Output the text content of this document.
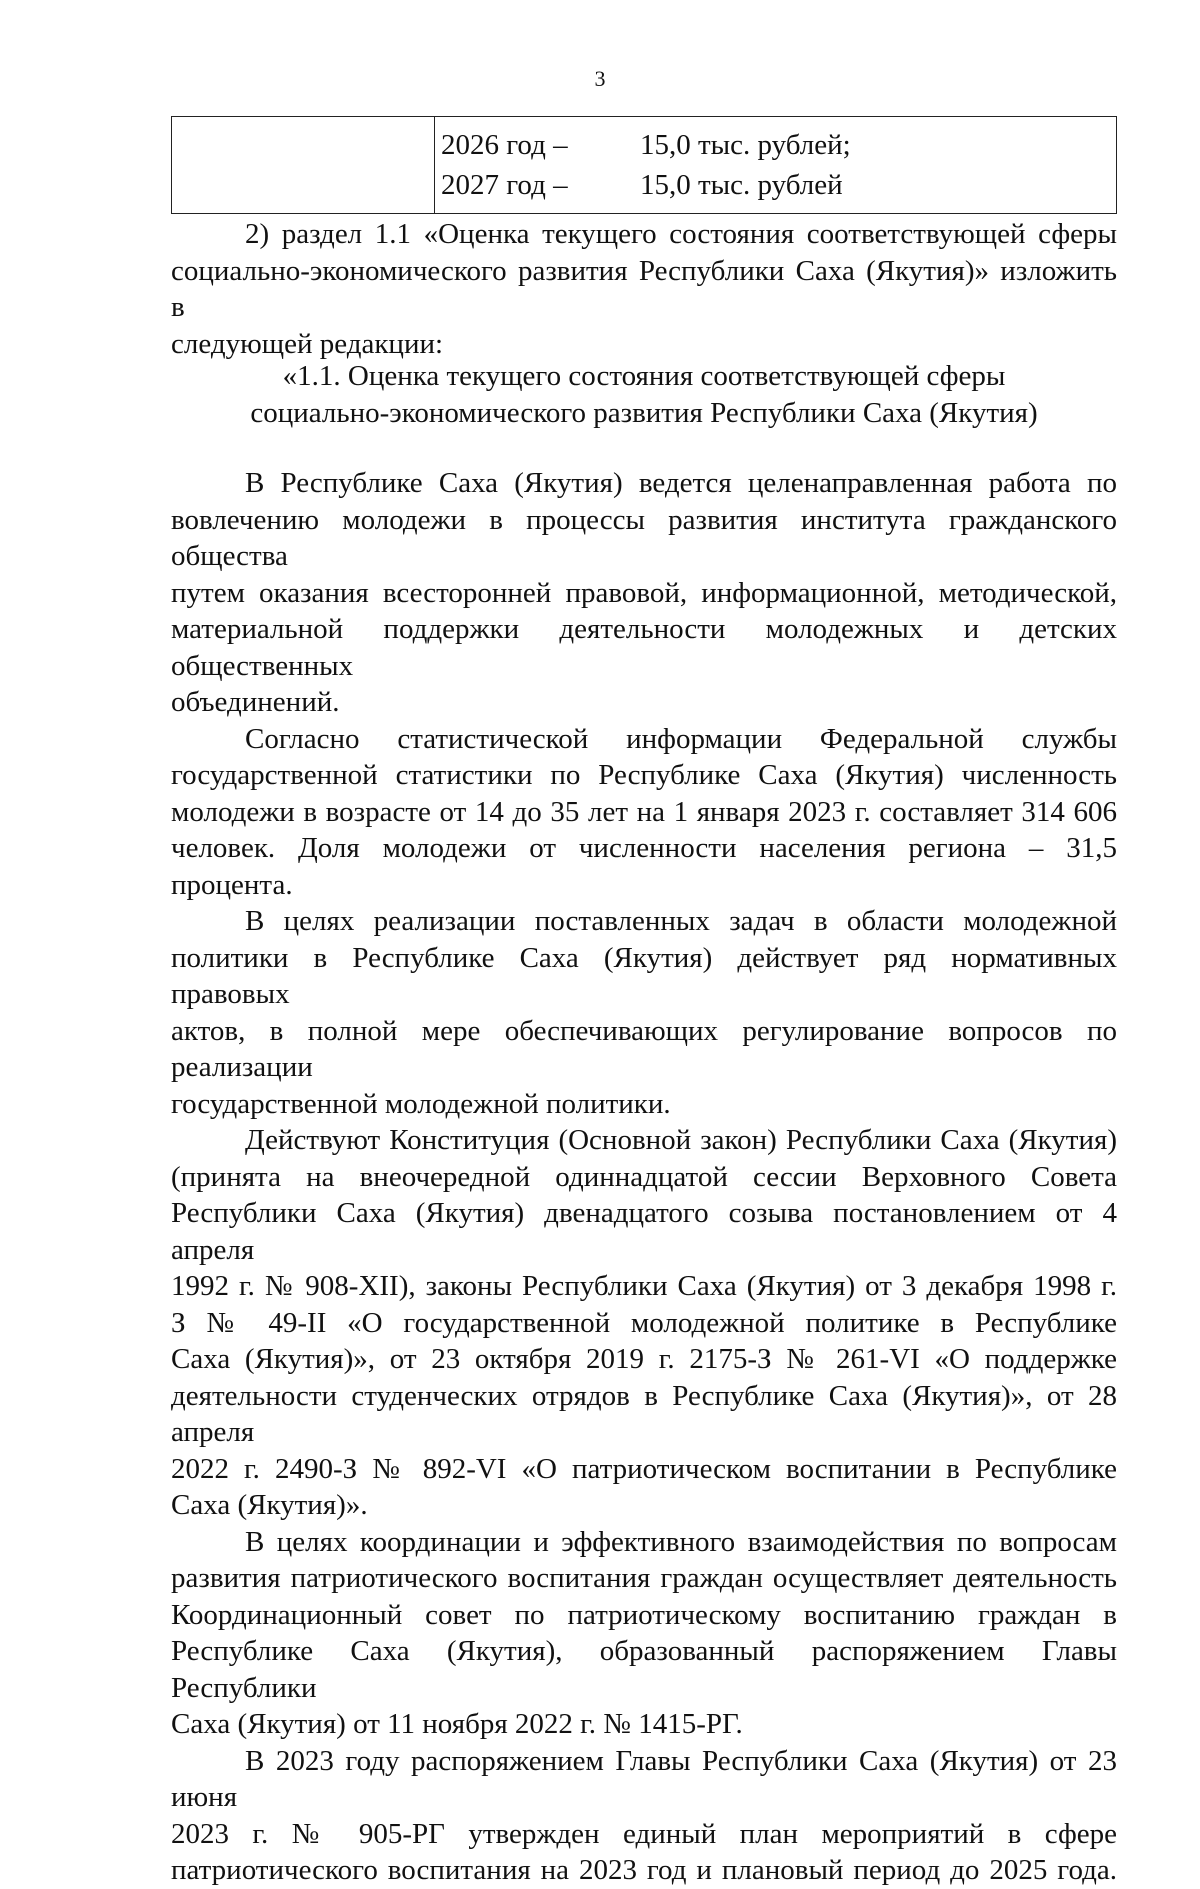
3

2026 год –	15,0 тыс. рублей;
2027 год –	15,0 тыс. рублей

2) раздел 1.1 «Оценка текущего состояния соответствующей сферы

социально-экономического развития Республики Саха (Якутия)» изложить в

следующей редакции:

«1.1. Оценка текущего состояния соответствующей сферы
социально-экономического развития Республики Саха (Якутия)

В Республике Саха (Якутия) ведется целенаправленная работа по

вовлечению молодежи в процессы развития института гражданского общества

путем оказания всесторонней правовой, информационной, методической,

материальной поддержки деятельности молодежных и детских общественных

объединений.

Согласно статистической информации Федеральной службы

государственной статистики по Республике Саха (Якутия) численность

молодежи в возрасте от 14 до 35 лет на 1 января 2023 г. составляет 314 606

человек. Доля молодежи от численности населения региона – 31,5 процента.

В целях реализации поставленных задач в области молодежной

политики в Республике Саха (Якутия) действует ряд нормативных правовых

актов, в полной мере обеспечивающих регулирование вопросов по реализации

государственной молодежной политики.

Действуют Конституция (Основной закон) Республики Саха (Якутия)

(принята на внеочередной одиннадцатой сессии Верховного Совета

Республики Саха (Якутия) двенадцатого созыва постановлением от 4 апреля

1992 г. № 908-XII), законы Республики Саха (Якутия) от 3 декабря 1998 г.

З № 49-II «О государственной молодежной политике в Республике

Саха (Якутия)», от 23 октября 2019 г. 2175-З № 261-VI «О поддержке

деятельности студенческих отрядов в Республике Саха (Якутия)», от 28 апреля

2022 г. 2490-З № 892-VI «О патриотическом воспитании в Республике

Саха (Якутия)».

В целях координации и эффективного взаимодействия по вопросам

развития патриотического воспитания граждан осуществляет деятельность

Координационный совет по патриотическому воспитанию граждан в

Республике Саха (Якутия), образованный распоряжением Главы Республики

Саха (Якутия) от 11 ноября 2022 г. № 1415-РГ.

В 2023 году распоряжением Главы Республики Саха (Якутия) от 23 июня

2023 г. № 905-РГ утвержден единый план мероприятий в сфере

патриотического воспитания на 2023 год и плановый период до 2025 года.
